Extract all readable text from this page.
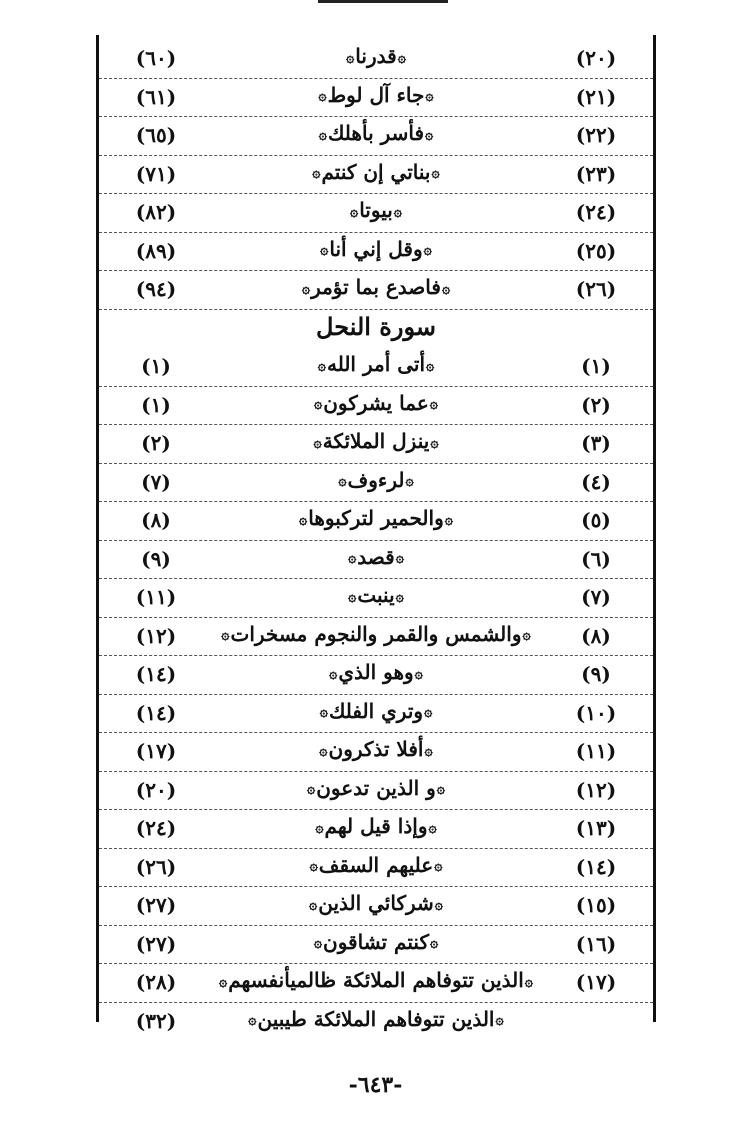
(٢٠)
۞قدرنا۞
(٦٠)
(٢١)
۞جاء آل لوط۞
(٦١)
(٢٢)
۞فأسر بأهلك۞
(٦٥)
(٢٣)
۞بناتي إن كنتم۞
(٧١)
(٢٤)
۞بيوتا۞
(٨٢)
(٢٥)
۞وقل إني أنا۞
(٨٩)
(٢٦)
۞فاصدع بما تؤمر۞
(٩٤)
سورة النحل
(١)
۞أتى أمر الله۞
(١)
(٢)
۞عما يشركون۞
(١)
(٣)
۞ينزل الملائكة۞
(٢)
(٤)
۞لرءوف۞
(٧)
(٥)
۞والحمير لتركبوها۞
(٨)
(٦)
۞قصد۞
(٩)
(٧)
۞ينبت۞
(١١)
(٨)
۞والشمس والقمر والنجوم مسخرات۞
(١٢)
(٩)
۞وهو الذي۞
(١٤)
(١٠)
۞وتري الفلك۞
(١٤)
(١١)
۞أفلا تذكرون۞
(١٧)
(١٢)
۞و الذين تدعون۞
(٢٠)
(١٣)
۞وإذا قيل لهم۞
(٢٤)
(١٤)
۞عليهم السقف۞
(٢٦)
(١٥)
۞شركائي الذين۞
(٢٧)
(١٦)
۞كنتم تشاقون۞
(٢٧)
(١٧)
۞الذين تتوفاهم الملائكة ظالميأنفسهم۞
(٢٨)
۞الذين تتوفاهم الملائكة طيبين۞
(٣٢)
-٦٤٣-
